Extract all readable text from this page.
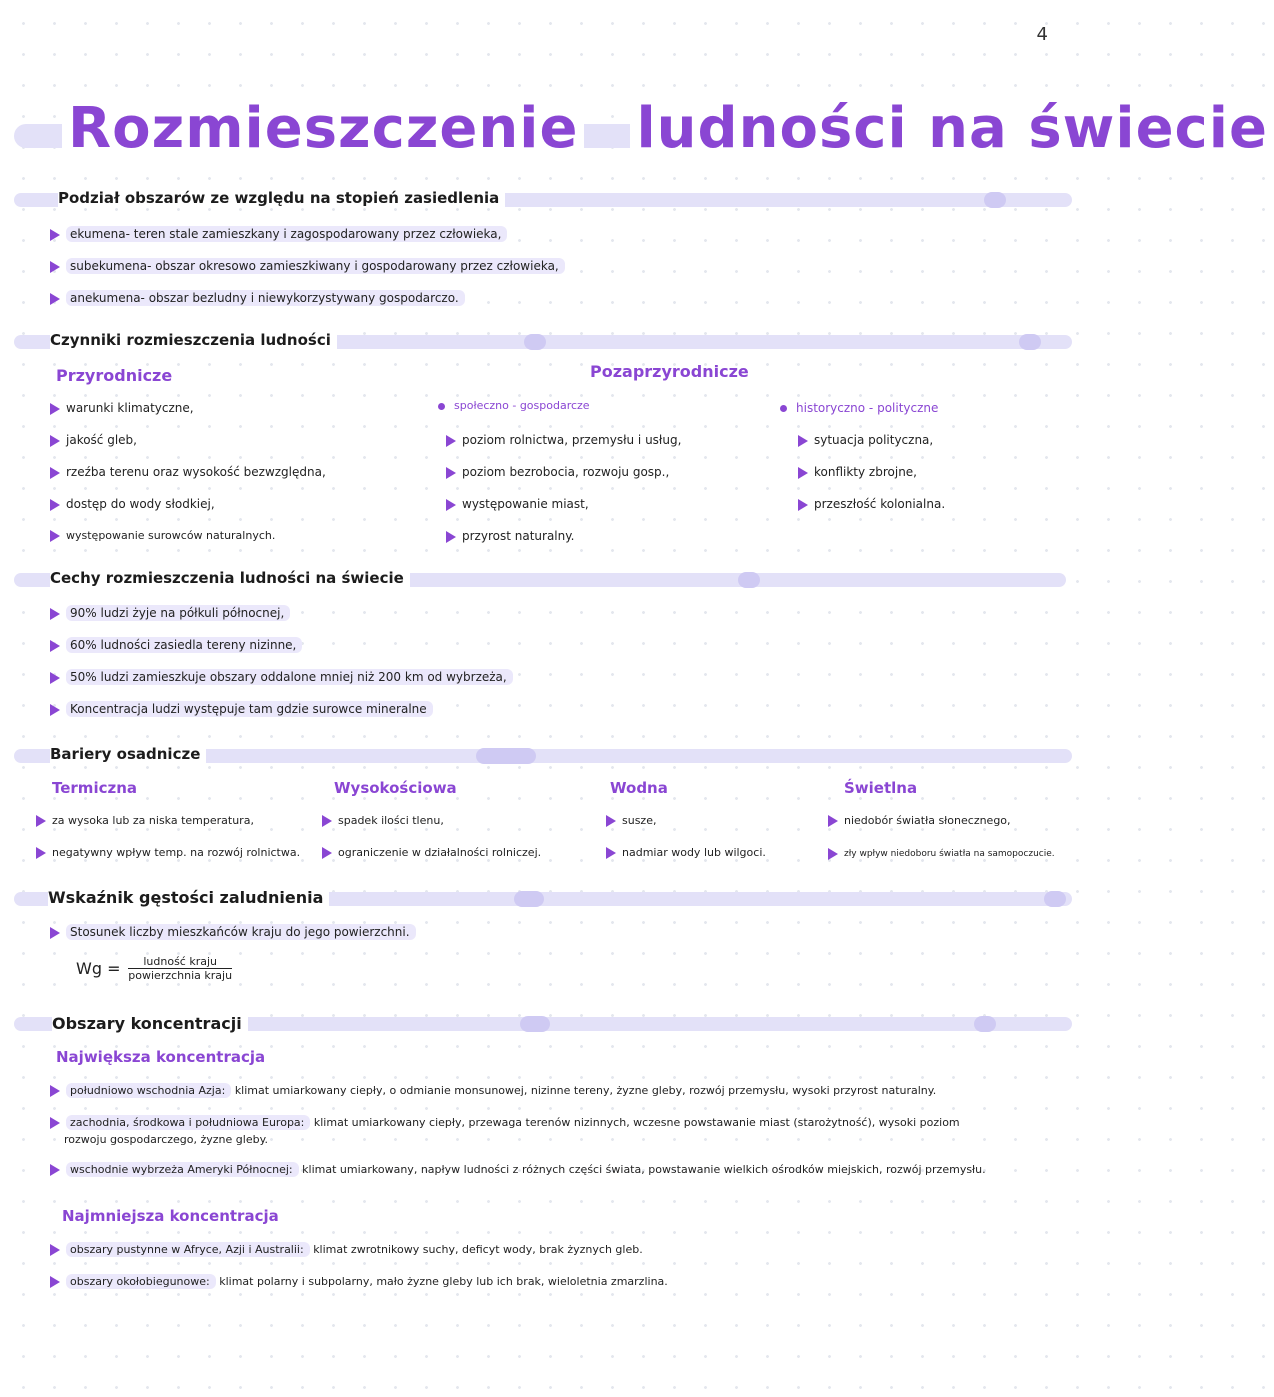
4
Rozmieszczenie ludności na świecie
Podział obszarów ze względu na stopień zasiedlenia
ekumena- teren stale zamieszkany i zagospodarowany przez człowieka,
subekumena- obszar okresowo zamieszkiwany i gospodarowany przez człowieka,
anekumena- obszar bezludny i niewykorzystywany gospodarczo.
Czynniki rozmieszczenia ludności
Przyrodnicze
warunki klimatyczne,
jakość gleb,
rzeźba terenu oraz wysokość bezwzględna,
dostęp do wody słodkiej,
występowanie surowców naturalnych.
Pozaprzyrodnicze
społeczno - gospodarcze
poziom rolnictwa, przemysłu i usług,
poziom bezrobocia, rozwoju gosp.,
występowanie miast,
przyrost naturalny.
historyczno - polityczne
sytuacja polityczna,
konflikty zbrojne,
przeszłość kolonialna.
Cechy rozmieszczenia ludności na świecie
90% ludzi żyje na półkuli północnej,
60% ludności zasiedla tereny nizinne,
50% ludzi zamieszkuje obszary oddalone mniej niż 200 km od wybrzeża,
Koncentracja ludzi występuje tam gdzie surowce mineralne
Bariery osadnicze
Termiczna
za wysoka lub za niska temperatura,
negatywny wpływ temp. na rozwój rolnictwa.
Wysokościowa
spadek ilości tlenu,
ograniczenie w działalności rolniczej.
Wodna
susze,
nadmiar wody lub wilgoci.
Świetlna
niedobór światła słonecznego,
zły wpływ niedoboru światła na samopoczucie.
Wskaźnik gęstości zaludnienia
Stosunek liczby mieszkańców kraju do jego powierzchni.
Wg =	ludność kraju
powierzchnia kraju
Obszary koncentracji
Największa koncentracja
południowo wschodnia Azja: klimat umiarkowany ciepły, o odmianie monsunowej, nizinne tereny, żyzne gleby, rozwój przemysłu, wysoki przyrost naturalny.
zachodnia, środkowa i południowa Europa: klimat umiarkowany ciepły, przewaga terenów nizinnych, wczesne powstawanie miast (starożytność), wysoki poziom
rozwoju gospodarczego, żyzne gleby.
wschodnie wybrzeża Ameryki Północnej: klimat umiarkowany, napływ ludności z różnych części świata, powstawanie wielkich ośrodków miejskich, rozwój przemysłu.
Najmniejsza koncentracja
obszary pustynne w Afryce, Azji i Australii: klimat zwrotnikowy suchy, deficyt wody, brak żyznych gleb.
obszary okołobiegunowe: klimat polarny i subpolarny, mało żyzne gleby lub ich brak, wieloletnia zmarzlina.
